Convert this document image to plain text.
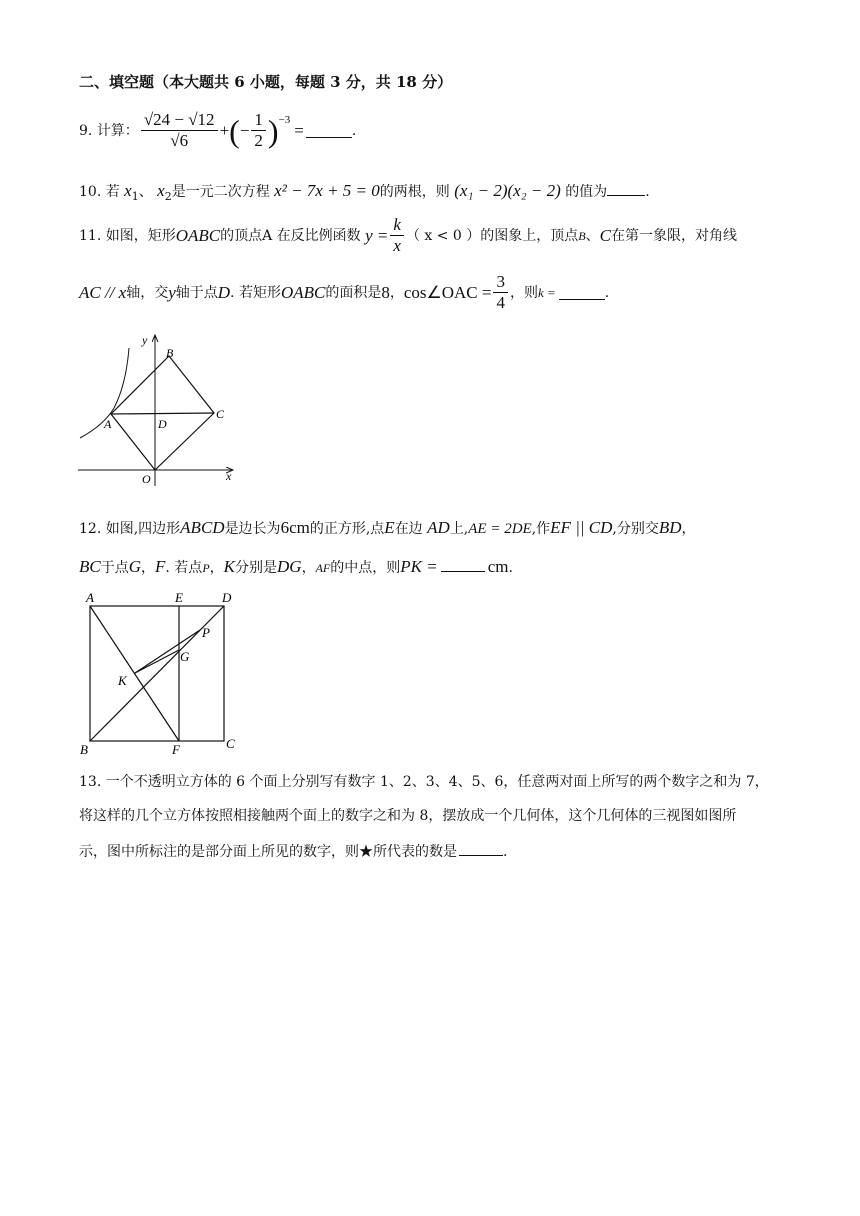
二、填空题（本大题共 6 小题，每题 3 分，共 18 分）
9.
计算： $\frac{√24 - √12}{√6}$ + ( − $\frac{1}{2}$ ) −3
=	.
10. 若 $x_1$、 $x_2$是一元二次方程 x² − 7x + 5 = 0的两根，则 (x₁ − 2)(x₂ − 2) 的值为	.
11.
如图，矩形 OABC 的顶点A 在反比例函数
$y = \frac{k}{x}$ （ x < 0 ）的图象上，顶点 B 、 C 在第一象限，对角线
AC // x 轴，交 y 轴于点 D . 若矩形 OABC 的面积是 8 ， cos∠OAC = $\frac{3}{4}$ ，则 k =	.
y
B
A	D
C
O	x
12. 如图,四边形ABCD是边长为6cm的正方形,点E在边 AD上,AE = 2DE,作EF || CD,分别交BD，
BC于点G，F. 若点P，K分别是DG，AF的中点，则PK =	cm.
A	E	D
P
G
K
B	F	C
13. 一个不透明立方体的 6 个面上分别写有数字 1、2、3、4、5、6，任意两对面上所写的两个数字之和为 7，
将这样的几个立方体按照相接触两个面上的数字之和为 8，摆放成一个几何体，这个几何体的三视图如图所
示，图中所标注的是部分面上所见的数字，则★所代表的数是	.
